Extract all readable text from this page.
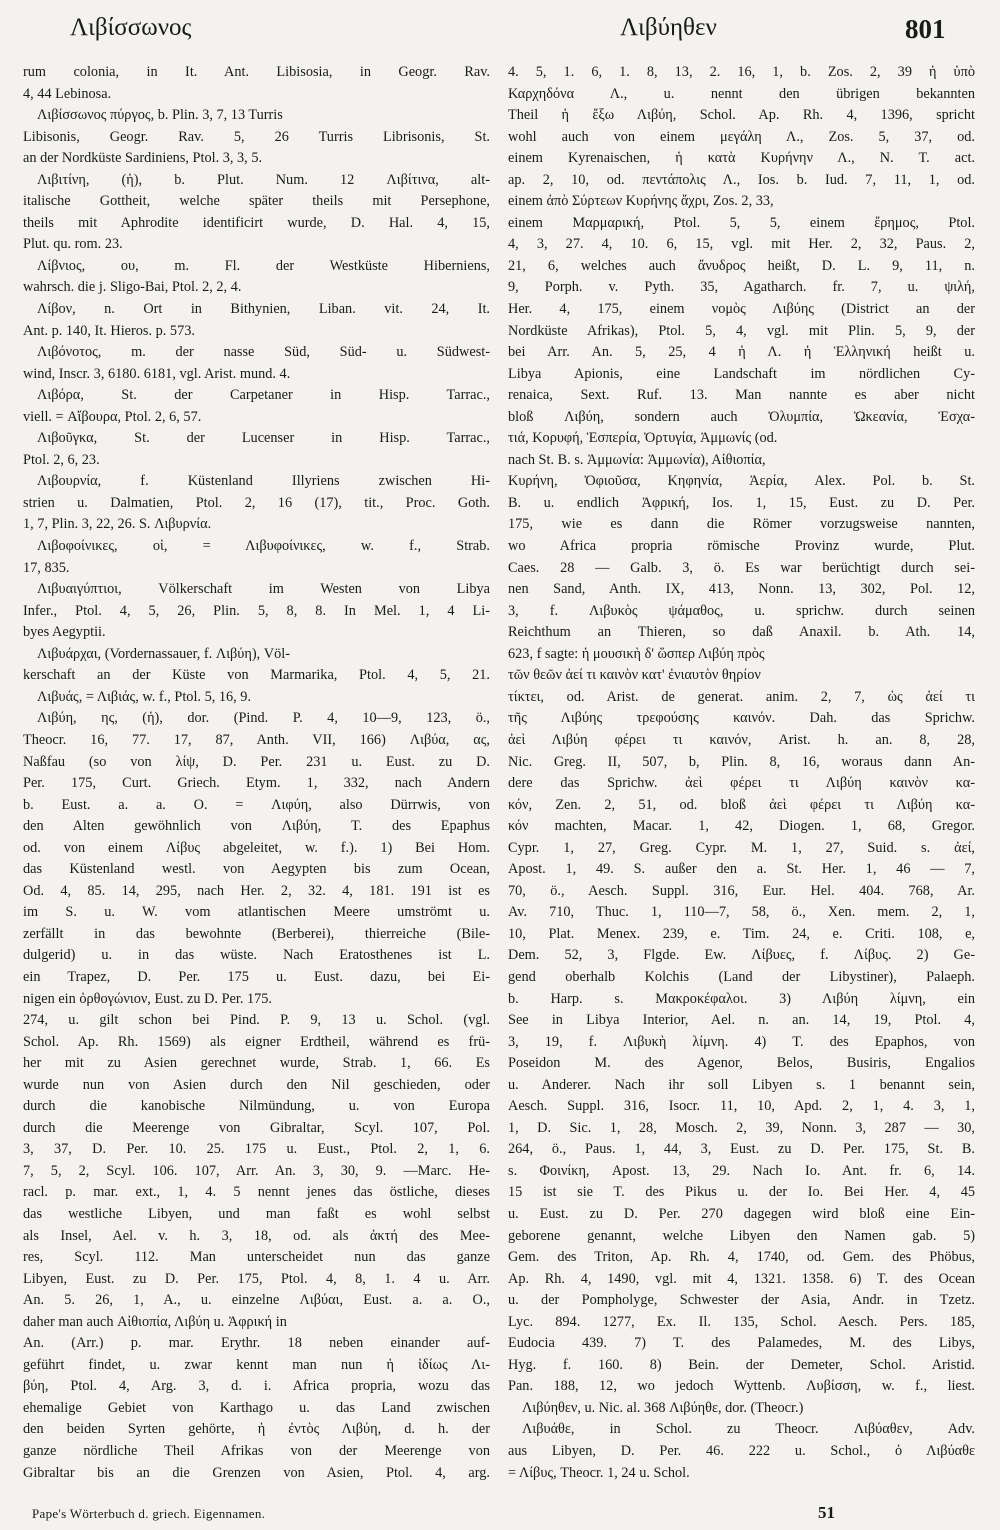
Λιβίσσωνος	Λιβύηθεν	801
rum colonia, in It. Ant. Libisosia, in Geogr. Rav.
4, 44 Lebinosa.
Λιβίσσωνος πύργος, b. Plin. 3, 7, 13 Turris
Libisonis, Geogr. Rav. 5, 26 Turris Librisonis, St.
an der Nordküste Sardiniens, Ptol. 3, 3, 5.
Λιβιτίνη, (ἡ), b. Plut. Num. 12 Λιβίτινα, alt-
italische Gottheit, welche später theils mit Persephone,
theils mit Aphrodite identificirt wurde, D. Hal. 4, 15,
Plut. qu. rom. 23.
Λίβνιος, ου, m. Fl. der Westküste Hiberniens,
wahrsch. die j. Sligo-Bai, Ptol. 2, 2, 4.
Λίβον, n. Ort in Bithynien, Liban. vit. 24, It.
Ant. p. 140, It. Hieros. p. 573.
Λιβόνοτος, m. der nasse Süd, Süd- u. Südwest-
wind, Inscr. 3, 6180. 6181, vgl. Arist. mund. 4.
Λιβόρα, St. der Carpetaner in Hisp. Tarrac.,
viell. = Αἴβουρα, Ptol. 2, 6, 57.
Λιβοῦγκα, St. der Lucenser in Hisp. Tarrac.,
Ptol. 2, 6, 23.
Λιβουρνία, f. Küstenland Illyriens zwischen Hi-
strien u. Dalmatien, Ptol. 2, 16 (17), tit., Proc. Goth.
1, 7, Plin. 3, 22, 26. S. Λιβυρνία.
Λιβοφοίνικες, οἱ, = Λιβυφοίνικες, w. f., Strab.
17, 835.
Λιβυαιγύπτιοι, Völkerschaft im Westen von Libya
Infer., Ptol. 4, 5, 26, Plin. 5, 8, 8. In Mel. 1, 4 Li-
byes Aegyptii.
Λιβυάρχαι, (Vordernassauer, f. Λιβύη), Völ-
kerschaft an der Küste von Marmarika, Ptol. 4, 5, 21.
Λιβυάς, = Λιβιάς, w. f., Ptol. 5, 16, 9.
Λιβύη, ης, (ἡ), dor. (Pind. P. 4, 10—9, 123, ö.,
Theocr. 16, 77. 17, 87, Anth. VII, 166) Λιβύα, ας,
Naßfau (so von λίψ, D. Per. 231 u. Eust. zu D.
Per. 175, Curt. Griech. Etym. 1, 332, nach Andern
b. Eust. a. a. O. = Λιφύη, also Dürrwis, von
den Alten gewöhnlich von Λιβύη, T. des Epaphus
od. von einem Λίβυς abgeleitet, w. f.). 1) Bei Hom.
das Küstenland westl. von Aegypten bis zum Ocean,
Od. 4, 85. 14, 295, nach Her. 2, 32. 4, 181. 191 ist es
im S. u. W. vom atlantischen Meere umströmt u.
zerfällt in das bewohnte (Berberei), thierreiche (Bile-
dulgerid) u. in das wüste. Nach Eratosthenes ist L.
ein Trapez, D. Per. 175 u. Eust. dazu, bei Ei-
nigen ein ὀρθογώνιον, Eust. zu D. Per. 175.
274, u. gilt schon bei Pind. P. 9, 13 u. Schol. (vgl.
Schol. Ap. Rh. 1569) als eigner Erdtheil, während es frü-
her mit zu Asien gerechnet wurde, Strab. 1, 66. Es
wurde nun von Asien durch den Nil geschieden, oder
durch die kanobische Nilmündung, u. von Europa
durch die Meerenge von Gibraltar, Scyl. 107, Pol.
3, 37, D. Per. 10. 25. 175 u. Eust., Ptol. 2, 1, 6.
7, 5, 2, Scyl. 106. 107, Arr. An. 3, 30, 9. —Marc. He-
racl. p. mar. ext., 1, 4. 5 nennt jenes das östliche, dieses
das westliche Libyen, und man faßt es wohl selbst
als Insel, Ael. v. h. 3, 18, od. als ἀκτή des Mee-
res, Scyl. 112. Man unterscheidet nun das ganze
Libyen, Eust. zu D. Per. 175, Ptol. 4, 8, 1. 4 u. Arr.
An. 5. 26, 1, A., u. einzelne Λιβύαι, Eust. a. a. O.,
daher man auch Αἰθιοπία, Λιβύη u. Ἀφρική in
An. (Arr.) p. mar. Erythr. 18 neben einander auf-
geführt findet, u. zwar kennt man nun ἡ ἰδίως Λι-
βύη, Ptol. 4, Arg. 3, d. i. Africa propria, wozu das
ehemalige Gebiet von Karthago u. das Land zwischen
den beiden Syrten gehörte, ἡ ἐντὸς Λιβύη, d. h. der
ganze nördliche Theil Afrikas von der Meerenge von
Gibraltar bis an die Grenzen von Asien, Ptol. 4, arg.
4. 5, 1. 6, 1. 8, 13, 2. 16, 1, b. Zos. 2, 39 ἡ ὑπὸ
Καρχηδόνα Λ., u. nennt den übrigen bekannten
Theil ἡ ἔξω Λιβύη, Schol. Ap. Rh. 4, 1396, spricht
wohl auch von einem μεγάλη Λ., Zos. 5, 37, od.
einem Kyrenaischen, ἡ κατὰ Κυρήνην Λ., N. T. act.
ap. 2, 10, od. πεντάπολις Λ., Ios. b. Iud. 7, 11, 1, od.
einem ἀπὸ Σύρτεων Κυρήνης ἄχρι, Zos. 2, 33,
einem Μαρμαρική, Ptol. 5, 5, einem ἔρημος, Ptol.
4, 3, 27. 4, 10. 6, 15, vgl. mit Her. 2, 32, Paus. 2,
21, 6, welches auch ἄνυδρος heißt, D. L. 9, 11, n.
9, Porph. v. Pyth. 35, Agatharch. fr. 7, u. ψιλή,
Her. 4, 175, einem νομὸς Λιβύης (District an der
Nordküste Afrikas), Ptol. 5, 4, vgl. mit Plin. 5, 9, der
bei Arr. An. 5, 25, 4 ἡ Λ. ἡ Ἑλληνική heißt u.
Libya Apionis, eine Landschaft im nördlichen Cy-
renaica, Sext. Ruf. 13. Man nannte es aber nicht
bloß Λιβύη, sondern auch Ὀλυμπία, Ὠκεανία, Ἐσχα-
τιά, Κορυφή, Ἑσπερία, Ὀρτυγία, Ἀμμωνίς (od.
nach St. B. s. Ἀμμωνία: Ἀμμωνία), Αἰθιοπία,
Κυρήνη, Ὀφιοῦσα, Κηφηνία, Ἀερία, Alex. Pol. b. St.
B. u. endlich Ἀφρική, Ios. 1, 15, Eust. zu D. Per.
175, wie es dann die Römer vorzugsweise nannten,
wo Africa propria römische Provinz wurde, Plut.
Caes. 28 — Galb. 3, ö. Es war berüchtigt durch sei-
nen Sand, Anth. IX, 413, Nonn. 13, 302, Pol. 12,
3, f. Λιβυκὸς ψάμαθος, u. sprichw. durch seinen
Reichthum an Thieren, so daß Anaxil. b. Ath. 14,
623, f sagte: ἡ μουσικὴ δ' ὥσπερ Λιβύη πρὸς
τῶν θεῶν ἀεί τι καινὸν κατ' ἐνιαυτὸν θηρίον
τίκτει, od. Arist. de generat. anim. 2, 7, ὡς ἀεί τι
τῆς Λιβύης τρεφούσης καινόν. Dah. das Sprichw.
ἀεὶ Λιβύη φέρει τι καινόν, Arist. h. an. 8, 28,
Nic. Greg. II, 507, b, Plin. 8, 16, woraus dann An-
dere das Sprichw. ἀεὶ φέρει τι Λιβύη καινὸν κα-
κόν, Zen. 2, 51, od. bloß ἀεὶ φέρει τι Λιβύη κα-
κόν machten, Macar. 1, 42, Diogen. 1, 68, Gregor.
Cypr. 1, 27, Greg. Cypr. M. 1, 27, Suid. s. ἀεί,
Apost. 1, 49. S. außer den a. St. Her. 1, 46 — 7,
70, ö., Aesch. Suppl. 316, Eur. Hel. 404. 768, Ar.
Av. 710, Thuc. 1, 110—7, 58, ö., Xen. mem. 2, 1,
10, Plat. Menex. 239, e. Tim. 24, e. Criti. 108, e,
Dem. 52, 3, Flgde. Ew. Λίβυες, f. Λίβυς. 2) Ge-
gend oberhalb Kolchis (Land der Libystiner), Palaeph.
b. Harp. s. Μακροκέφαλοι. 3) Λιβύη λίμνη, ein
See in Libya Interior, Ael. n. an. 14, 19, Ptol. 4,
3, 19, f. Λιβυκὴ λίμνη. 4) T. des Epaphos, von
Poseidon M. des Agenor, Belos, Busiris, Engalios
u. Anderer. Nach ihr soll Libyen s. 1 benannt sein,
Aesch. Suppl. 316, Isocr. 11, 10, Apd. 2, 1, 4. 3, 1,
1, D. Sic. 1, 28, Mosch. 2, 39, Nonn. 3, 287 — 30,
264, ö., Paus. 1, 44, 3, Eust. zu D. Per. 175, St. B.
s. Φοινίκη, Apost. 13, 29. Nach Io. Ant. fr. 6, 14.
15 ist sie T. des Pikus u. der Io. Bei Her. 4, 45
u. Eust. zu D. Per. 270 dagegen wird bloß eine Ein-
geborene genannt, welche Libyen den Namen gab. 5)
Gem. des Triton, Ap. Rh. 4, 1740, od. Gem. des Phöbus,
Ap. Rh. 4, 1490, vgl. mit 4, 1321. 1358. 6) T. des Ocean
u. der Pompholyge, Schwester der Asia, Andr. in Tzetz.
Lyc. 894. 1277, Ex. Il. 135, Schol. Aesch. Pers. 185,
Eudocia 439. 7) T. des Palamedes, M. des Libys,
Hyg. f. 160. 8) Bein. der Demeter, Schol. Aristid.
Pan. 188, 12, wo jedoch Wyttenb. Λυβίσση, w. f., liest.
Λιβύηθεν, u. Nic. al. 368 Λιβύηθε, dor. (Theocr.)
Λιβυάθε, in Schol. zu Theocr. Λιβύαθεν, Adv.
aus Libyen, D. Per. 46. 222 u. Schol., ὁ Λιβύαθε
= Λίβυς, Theocr. 1, 24 u. Schol.
Pape's Wörterbuch d. griech. Eigennamen.	51
